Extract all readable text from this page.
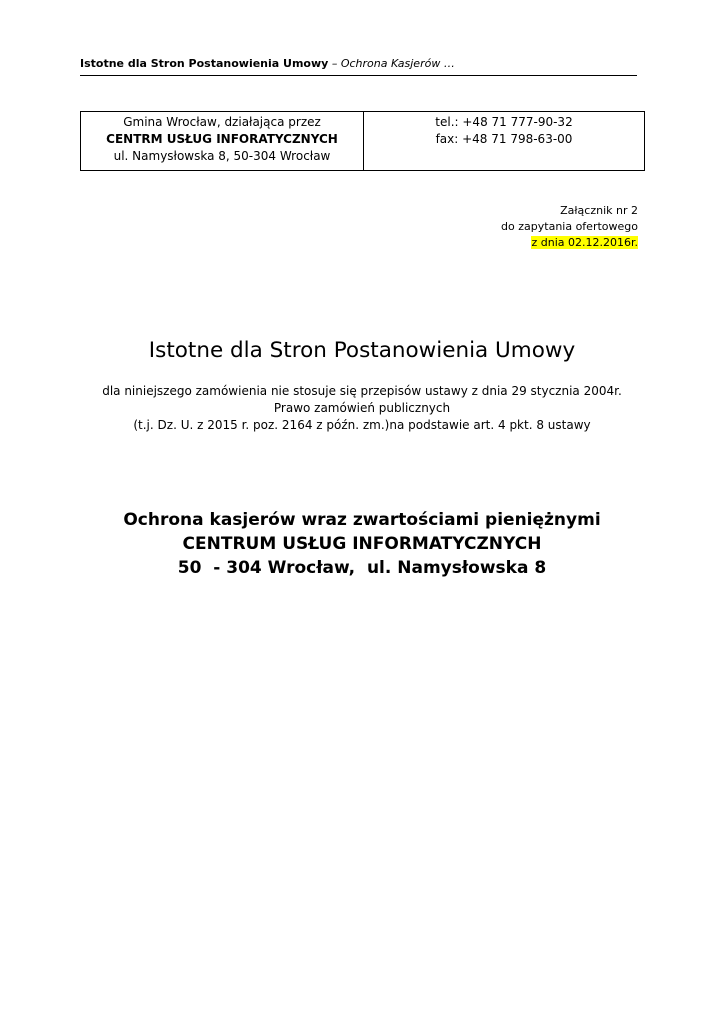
Istotne dla Stron Postanowienia Umowy – Ochrona Kasjerów …
Gmina Wrocław, działająca przez
CENTRM USŁUG INFORATYCZNYCH
ul. Namysłowska 8, 50-304 Wrocław
tel.: +48 71 777-90-32
fax: +48 71 798-63-00
Załącznik nr 2
do zapytania ofertowego
z dnia 02.12.2016r.
Istotne dla Stron Postanowienia Umowy
dla niniejszego zamówienia nie stosuje się przepisów ustawy z dnia 29 stycznia 2004r.
Prawo zamówień publicznych
(t.j. Dz. U. z 2015 r. poz. 2164 z późn. zm.)na podstawie art. 4 pkt. 8 ustawy
Ochrona kasjerów wraz zwartościami pieniężnymi
CENTRUM USŁUG INFORMATYCZNYCH
50  - 304 Wrocław,  ul. Namysłowska 8
